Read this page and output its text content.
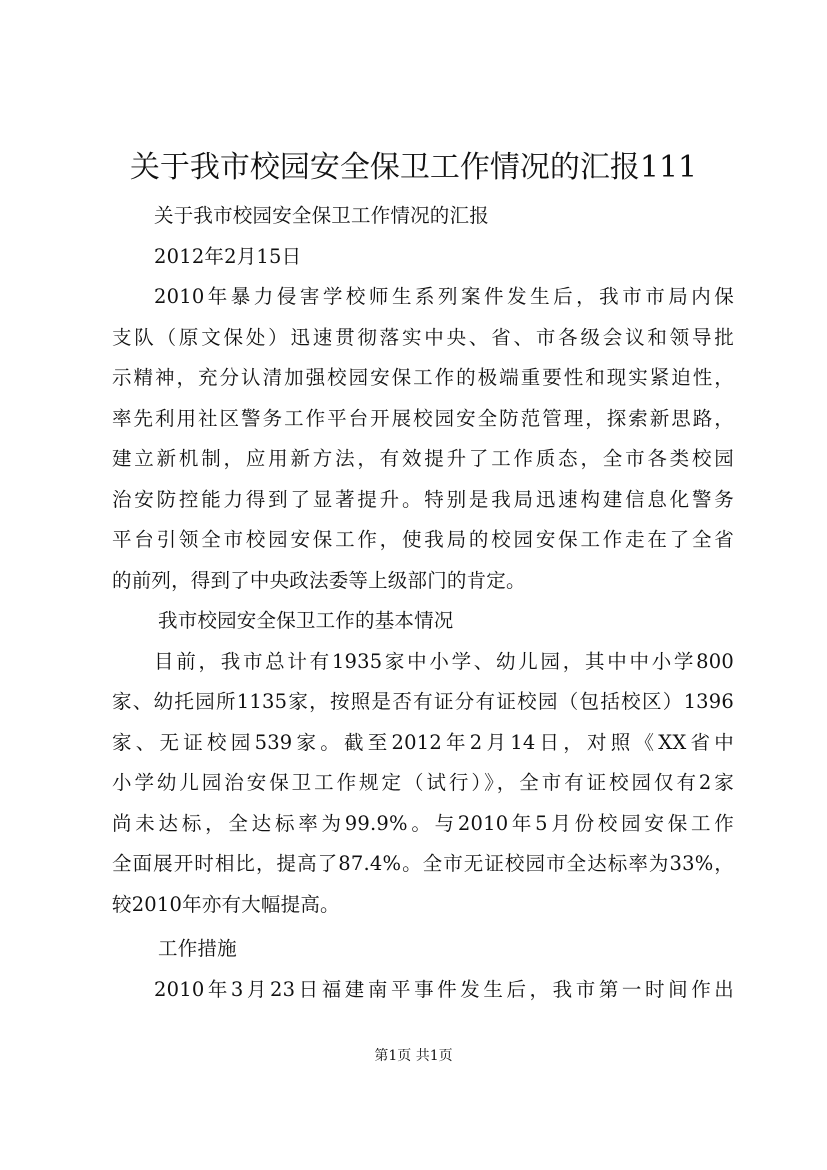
关于我市校园安全保卫工作情况的汇报111
关于我市校园安全保卫工作情况的汇报
2012年2月15日
2010年暴力侵害学校师生系列案件发生后，我市市局内保
支队（原文保处）迅速贯彻落实中央、省、市各级会议和领导批
示精神，充分认清加强校园安保工作的极端重要性和现实紧迫性，
率先利用社区警务工作平台开展校园安全防范管理，探索新思路，
建立新机制，应用新方法，有效提升了工作质态，全市各类校园
治安防控能力得到了显著提升。特别是我局迅速构建信息化警务
平台引领全市校园安保工作，使我局的校园安保工作走在了全省
的前列，得到了中央政法委等上级部门的肯定。
我市校园安全保卫工作的基本情况
目前，我市总计有1935家中小学、幼儿园，其中中小学800
家、幼托园所1135家，按照是否有证分有证校园（包括校区）1396
家、无证校园539家。截至2012年2月14日，对照《XX省中
小学幼儿园治安保卫工作规定（试行）》，全市有证校园仅有2家
尚未达标，全达标率为99.9%。与2010年5月份校园安保工作
全面展开时相比，提高了87.4%。全市无证校园市全达标率为33%，
较2010年亦有大幅提高。
工作措施
2010年3月23日福建南平事件发生后，我市第一时间作出
第1页 共1页
